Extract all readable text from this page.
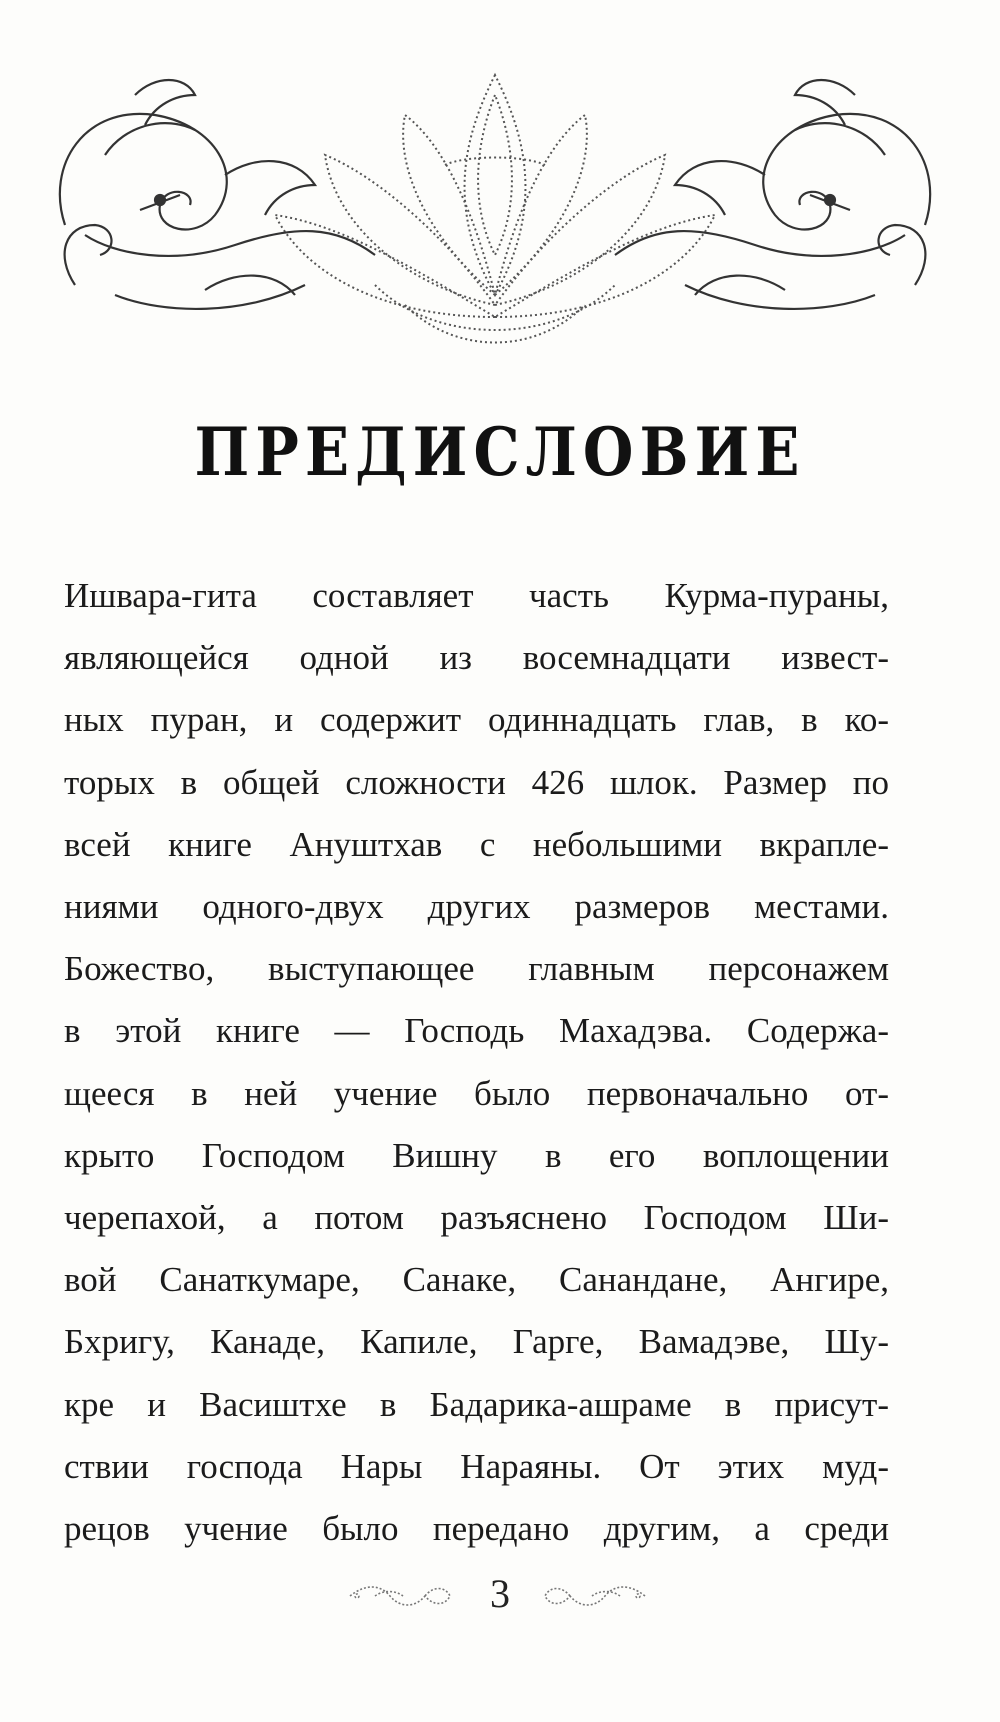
ПРЕДИСЛОВИЕ
Ишвара-гита составляет часть Курма-пураны,
являющейся одной из восемнадцати извест-
ных пуран, и содержит одиннадцать глав, в ко-
торых в общей сложности 426 шлок. Размер по
всей книге Ануштхав с небольшими вкрапле-
ниями одного-двух других размеров местами.
Божество, выступающее главным персонажем
в этой книге — Господь Махадэва. Содержа-
щееся в ней учение было первоначально от-
крыто Господом Вишну в его воплощении
черепахой, а потом разъяснено Господом Ши-
вой Санаткумаре, Санаке, Санандане, Ангире,
Бхригу, Канаде, Капиле, Гарге, Вамадэве, Шу-
кре и Васиштхе в Бадарика-ашраме в присут-
ствии господа Нары Нараяны. От этих муд-
рецов учение было передано другим, а среди
3
